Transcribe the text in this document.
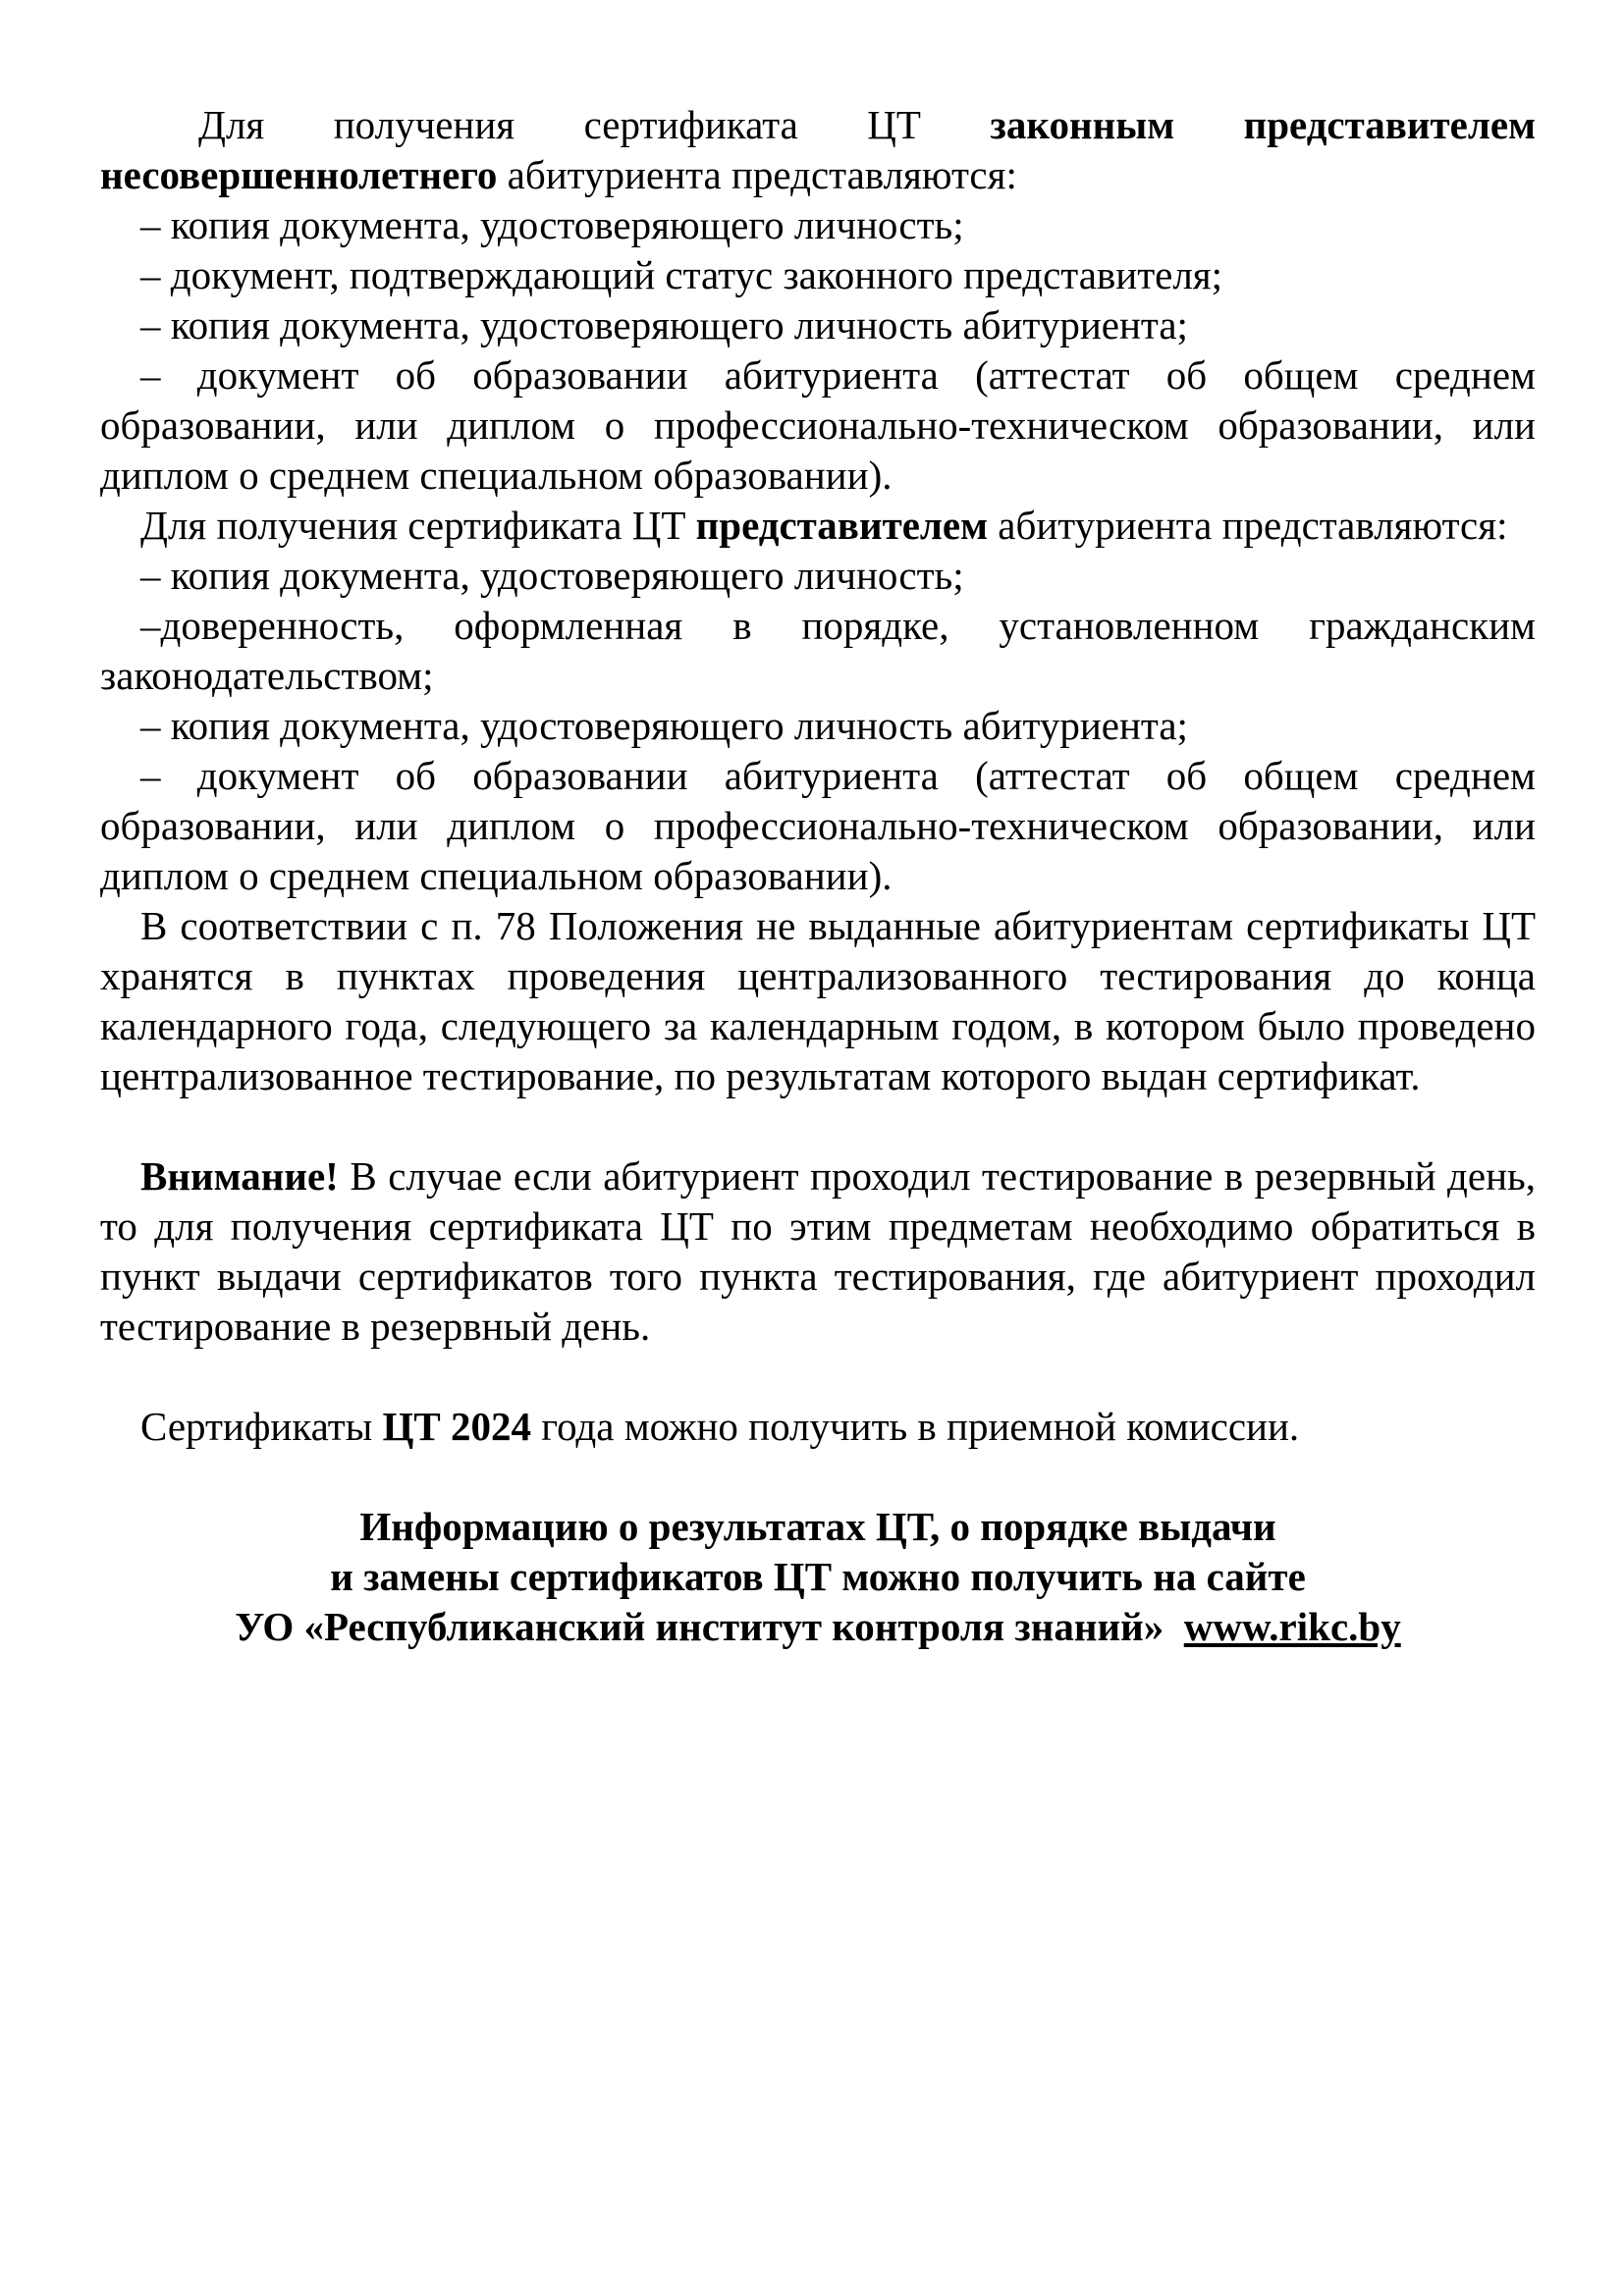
Для получения сертификата ЦТ законным представителем несовершеннолетнего абитуриента представляются:

– копия документа, удостоверяющего личность;

– документ, подтверждающий статус законного представителя;

– копия документа, удостоверяющего личность абитуриента;

– документ об образовании абитуриента (аттестат об общем среднем образовании, или диплом о профессионально-техническом образовании, или диплом о среднем специальном образовании).

Для получения сертификата ЦТ представителем абитуриента представляются:

– копия документа, удостоверяющего личность;

–доверенность, оформленная в порядке, установленном гражданским законодательством;

– копия документа, удостоверяющего личность абитуриента;

– документ об образовании абитуриента (аттестат об общем среднем образовании, или диплом о профессионально-техническом образовании, или диплом о среднем специальном образовании).

В соответствии с п. 78 Положения не выданные абитуриентам сертификаты ЦТ хранятся в пунктах проведения централизованного тестирования до конца календарного года, следующего за календарным годом, в котором было проведено централизованное тестирование, по результатам которого выдан сертификат.

Внимание! В случае если абитуриент проходил тестирование в резервный день, то для получения сертификата ЦТ по этим предметам необходимо обратиться в пункт выдачи сертификатов того пункта тестирования, где абитуриент проходил тестирование в резервный день.

Сертификаты ЦТ 2024 года можно получить в приемной комиссии.

Информацию о результатах ЦТ, о порядке выдачи

и замены сертификатов ЦТ можно получить на сайте

УО «Республиканский институт контроля знаний» www.rikc.by
